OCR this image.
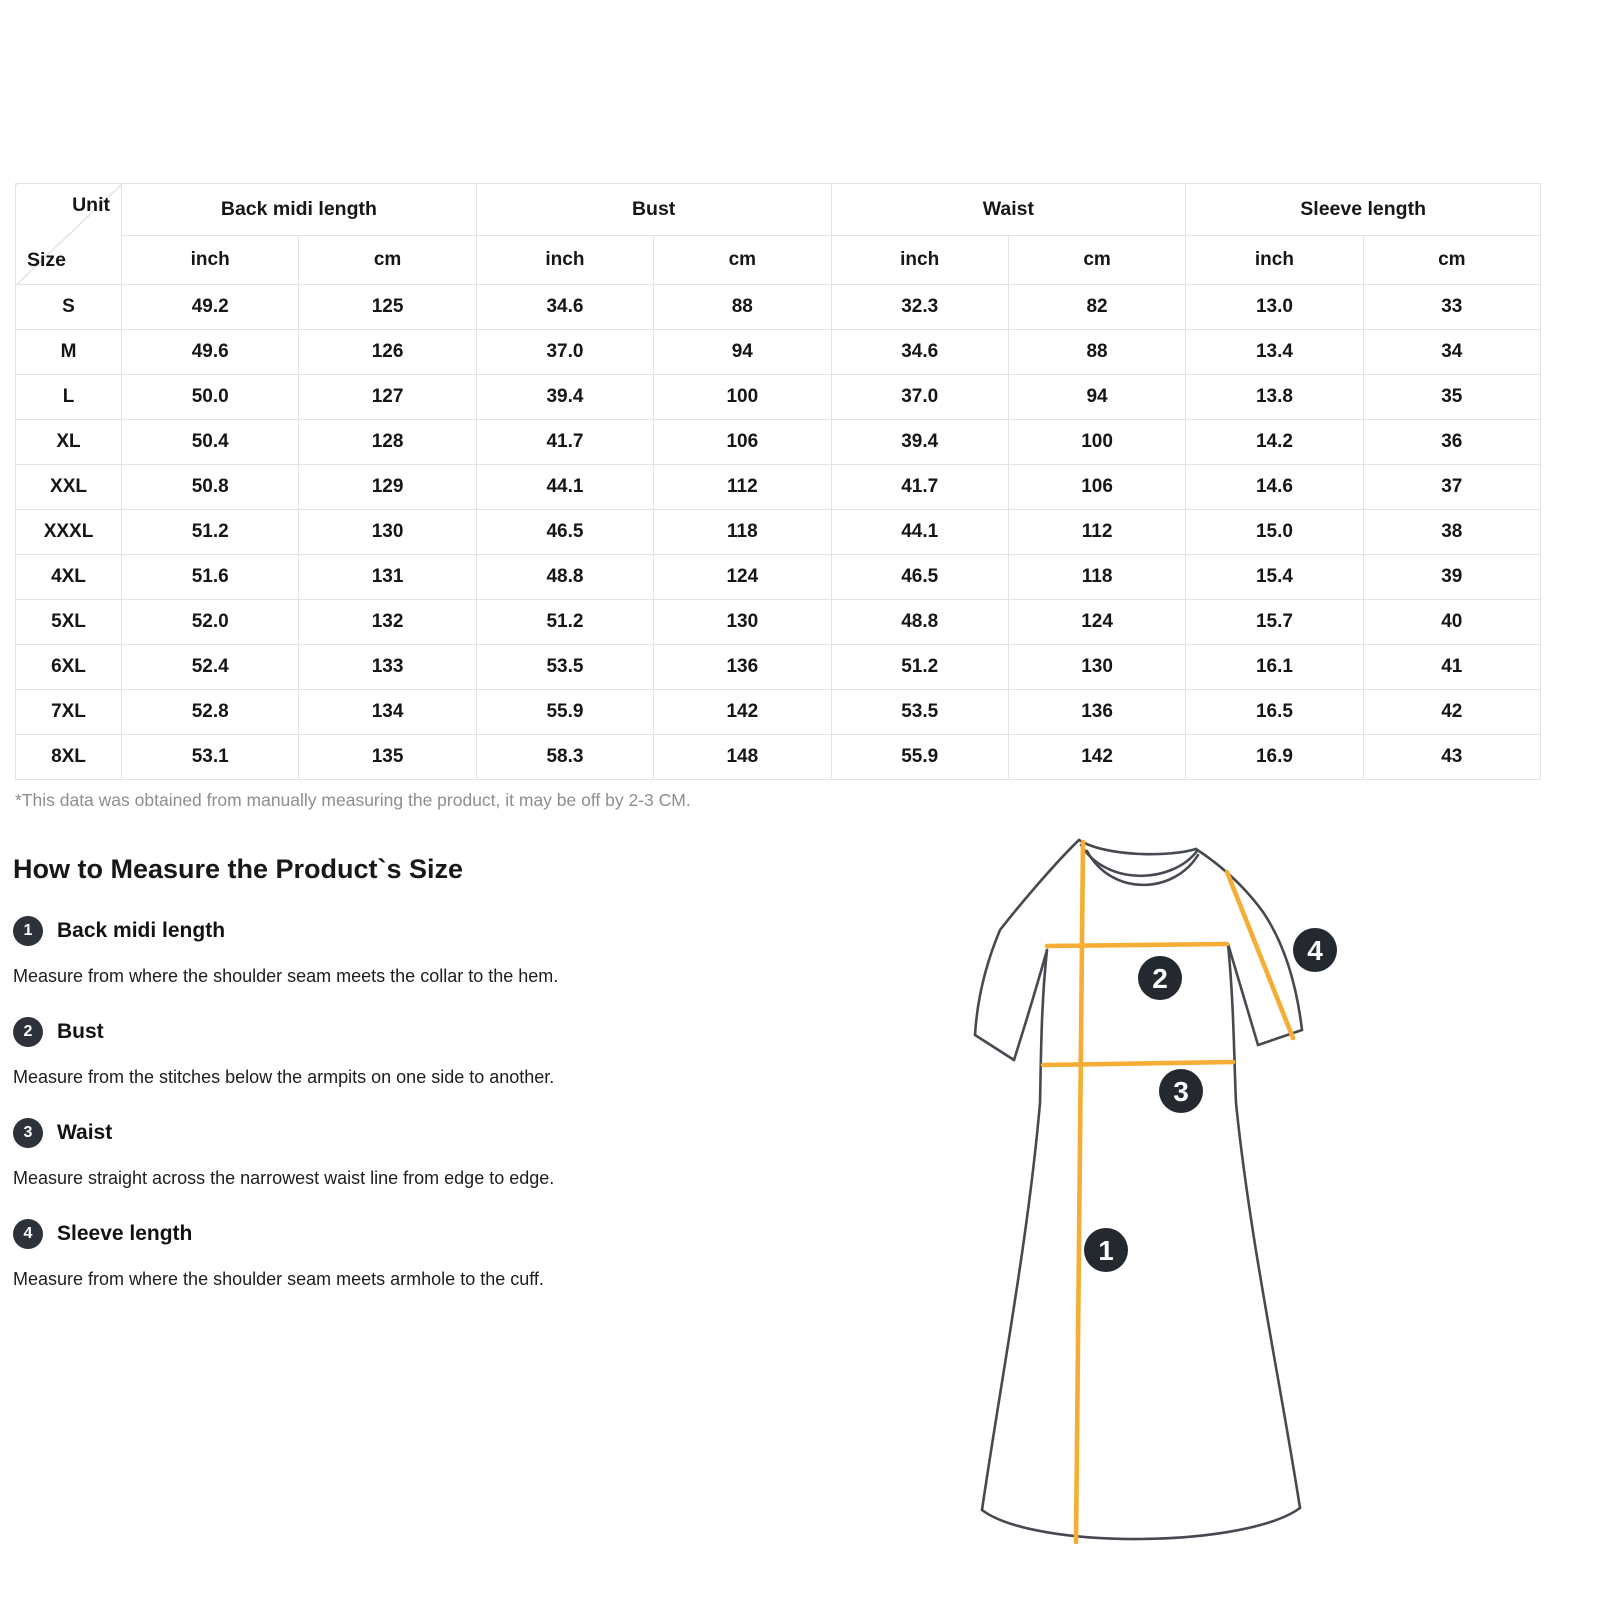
Unit
Size	Back midi length		Bust		Waist		Sleeve length	
	inch	cm	inch	cm	inch	cm	inch	cm
S	49.2	125	34.6	88	32.3	82	13.0	33
M	49.6	126	37.0	94	34.6	88	13.4	34
L	50.0	127	39.4	100	37.0	94	13.8	35
XL	50.4	128	41.7	106	39.4	100	14.2	36
XXL	50.8	129	44.1	112	41.7	106	14.6	37
XXXL	51.2	130	46.5	118	44.1	112	15.0	38
4XL	51.6	131	48.8	124	46.5	118	15.4	39
5XL	52.0	132	51.2	130	48.8	124	15.7	40
6XL	52.4	133	53.5	136	51.2	130	16.1	41
7XL	52.8	134	55.9	142	53.5	136	16.5	42
8XL	53.1	135	58.3	148	55.9	142	16.9	43
*This data was obtained from manually measuring the product, it may be off by 2-3 CM.
How to Measure the Product`s Size
1	Back midi length
Measure from where the shoulder seam meets the collar to the hem.
2	Bust
Measure from the stitches below the armpits on one side to another.
3	Waist
Measure straight across the narrowest waist line from edge to edge.
4	Sleeve length
Measure from where the shoulder seam meets armhole to the cuff.
1
2
3
4
